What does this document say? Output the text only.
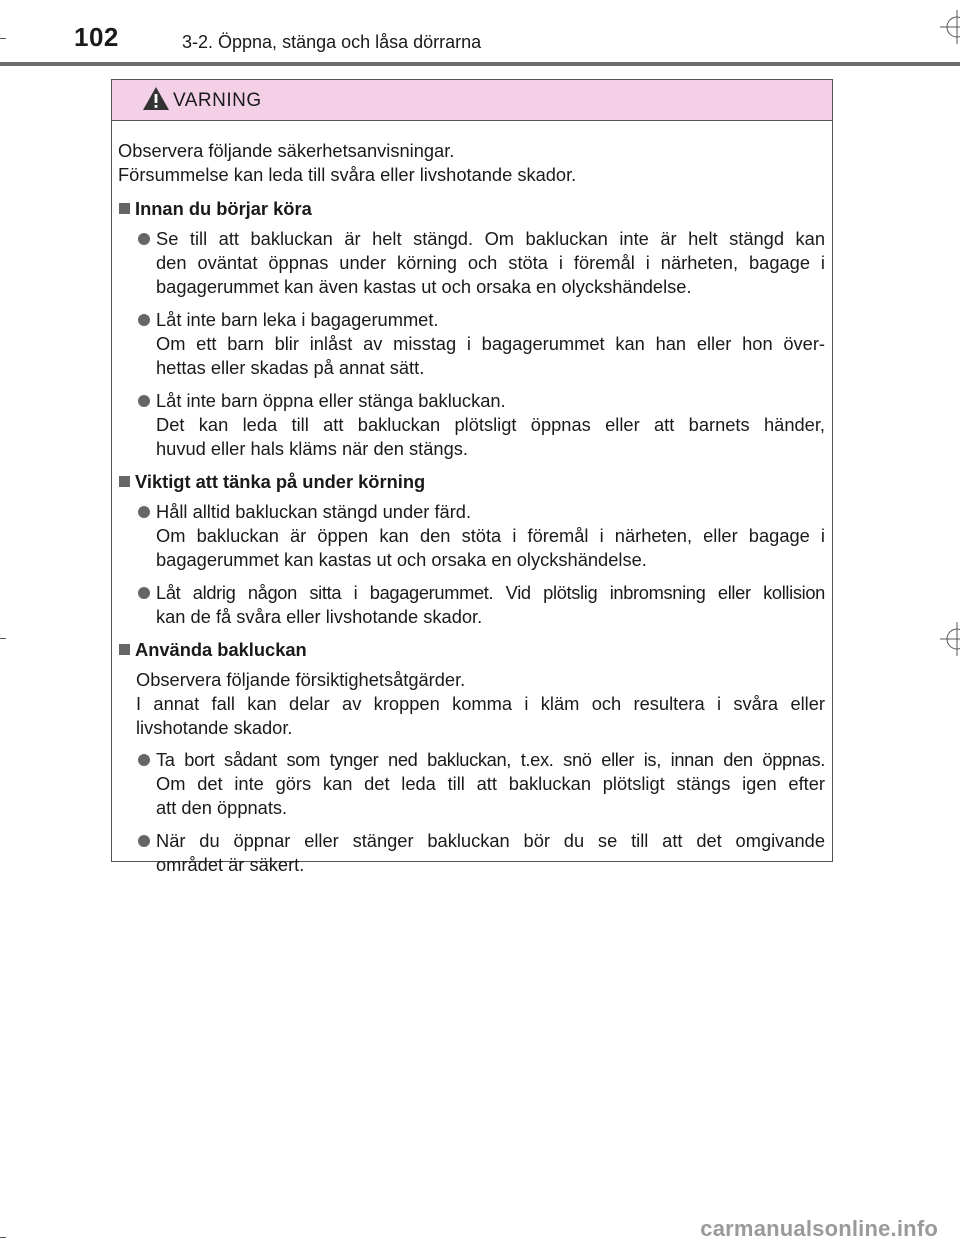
102	3-2. Öppna, stänga och låsa dörrarna
VARNING

Observera följande säkerhetsanvisningar.
Försummelse kan leda till svåra eller livshotande skador.

Innan du börjar köra
Se till att bakluckan är helt stängd. Om bakluckan inte är helt stängd kan
den oväntat öppnas under körning och stöta i föremål i närheten, bagage i
bagagerummet kan även kastas ut och orsaka en olyckshändelse.
Låt inte barn leka i bagagerummet.
Om ett barn blir inlåst av misstag i bagagerummet kan han eller hon över-
hettas eller skadas på annat sätt.
Låt inte barn öppna eller stänga bakluckan.
Det kan leda till att bakluckan plötsligt öppnas eller att barnets händer,
huvud eller hals kläms när den stängs.
Viktigt att tänka på under körning
Håll alltid bakluckan stängd under färd.
Om bakluckan är öppen kan den stöta i föremål i närheten, eller bagage i
bagagerummet kan kastas ut och orsaka en olyckshändelse.
Låt aldrig någon sitta i bagagerummet. Vid plötslig inbromsning eller kollision
kan de få svåra eller livshotande skador.
Använda bakluckan
Observera följande försiktighetsåtgärder.
I annat fall kan delar av kroppen komma i kläm och resultera i svåra eller
livshotande skador.
Ta bort sådant som tynger ned bakluckan, t.ex. snö eller is, innan den öppnas.
Om det inte görs kan det leda till att bakluckan plötsligt stängs igen efter
att den öppnats.
När du öppnar eller stänger bakluckan bör du se till att det omgivande
området är säkert.
carmanualsonline.info
